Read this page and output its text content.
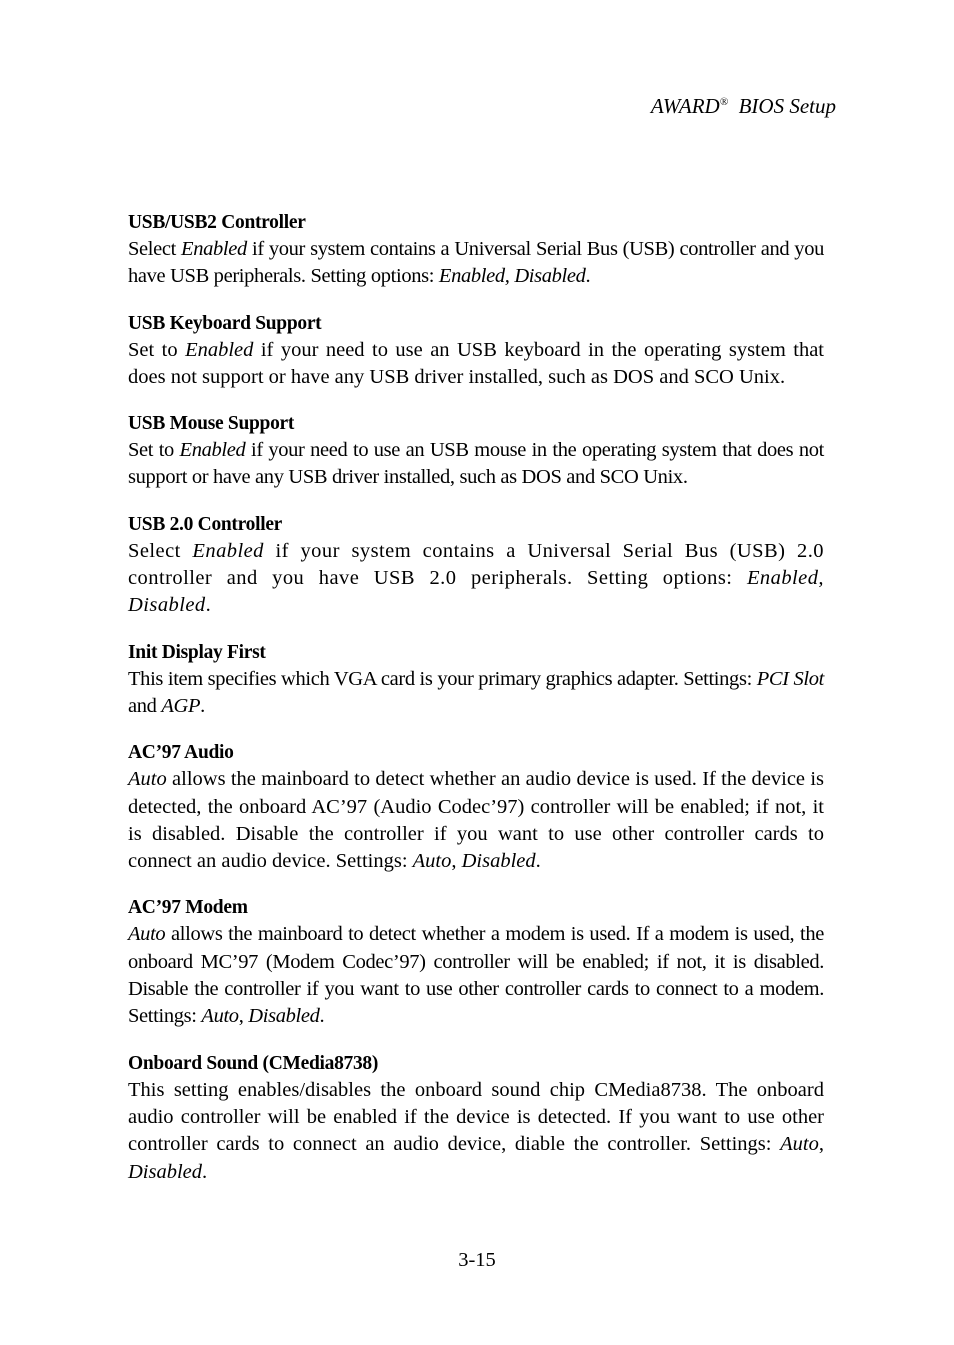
AWARD® BIOS Setup

USB/USB2 Controller

Select Enabled if your system contains a Universal Serial Bus (USB) controller and you have USB peripherals. Setting options: Enabled, Disabled.

USB Keyboard Support

Set to Enabled if your need to use an USB keyboard in the operating system that does not support or have any USB driver installed, such as DOS and SCO Unix.

USB Mouse Support

Set to Enabled if your need to use an USB mouse in the operating system that does not support or have any USB driver installed, such as DOS and SCO Unix.

USB 2.0 Controller

Select Enabled if your system contains a Universal Serial Bus (USB) 2.0 controller and you have USB 2.0 peripherals. Setting options: Enabled, Disabled.

Init Display First

This item specifies which VGA card is your primary graphics adapter. Settings: PCI Slot and AGP.

AC’97 Audio

Auto allows the mainboard to detect whether an audio device is used. If the device is detected, the onboard AC’97 (Audio Codec’97) controller will be enabled; if not, it is disabled. Disable the controller if you want to use other controller cards to connect an audio device. Settings: Auto, Disabled.

AC’97 Modem

Auto allows the mainboard to detect whether a modem is used. If a modem is used, the onboard MC’97 (Modem Codec’97) controller will be enabled; if not, it is disabled. Disable the controller if you want to use other controller cards to connect to a modem. Settings: Auto, Disabled.

Onboard Sound (CMedia8738)

This setting enables/disables the onboard sound chip CMedia8738. The onboard audio controller will be enabled if the device is detected. If you want to use other controller cards to connect an audio device, diable the controller. Settings: Auto, Disabled.

3-15
